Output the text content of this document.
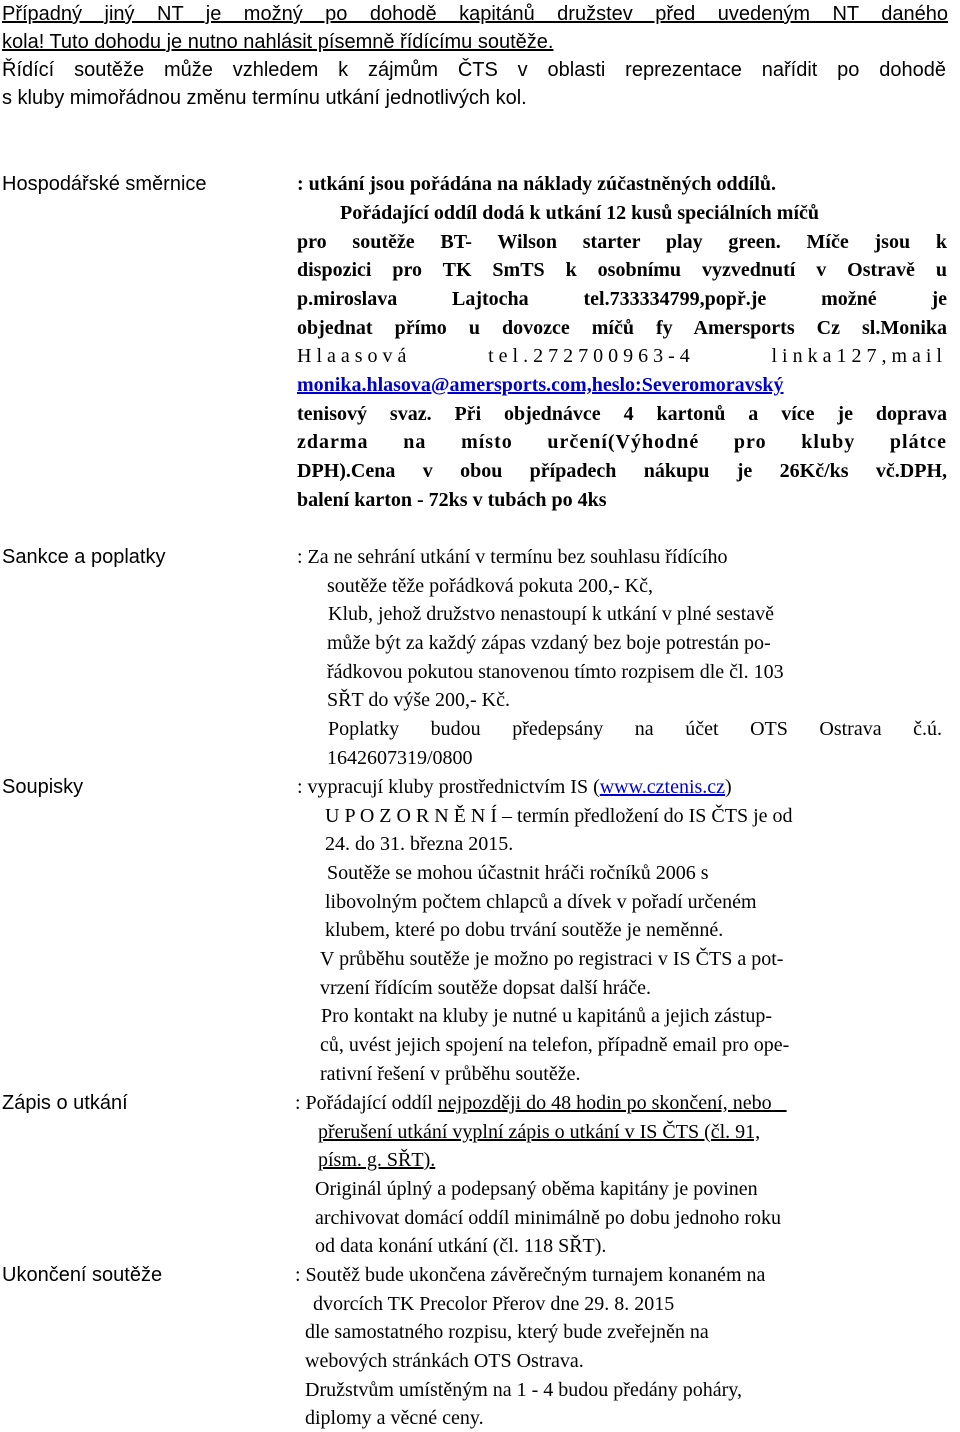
Případný jiný NT je možný po dohodě kapitánů družstev před uvedeným NT daného
kola! Tuto dohodu je nutno nahlásit písemně řídícímu soutěže.
Řídící soutěže může vzhledem k zájmům ČTS v oblasti reprezentace nařídit po dohodě
s kluby mimořádnou změnu termínu utkání jednotlivých kol.
Hospodářské směrnice	: utkání jsou pořádána na náklady zúčastněných oddílů.
Pořádající oddíl dodá k utkání 12 kusů speciálních míčů
pro soutěže BT- Wilson starter play green. Míče jsou k
dispozici pro TK SmTS k osobnímu vyzvednutí v Ostravě u
p.miroslava Lajtocha tel.733334799,popř.je možné je
objednat přímo u dovozce míčů fy Amersports Cz sl.Monika
Hlaasová tel.272700963-4 linka127,mail
monika.hlasova@amersports.com,heslo:Severomoravský
tenisový svaz. Při objednávce 4 kartonů a více je doprava
zdarma na místo určení(Výhodné pro kluby plátce
DPH).Cena v obou případech nákupu je 26Kč/ks vč.DPH,
balení karton - 72ks v tubách po 4ks
Sankce a poplatky	: Za ne sehrání utkání v termínu bez souhlasu řídícího
soutěže těže pořádková pokuta 200,- Kč,
Klub, jehož družstvo nenastoupí k utkání v plné sestavě
může být za každý zápas vzdaný bez boje potrestán po-
řádkovou pokutou stanovenou tímto rozpisem dle čl. 103
SŘT do výše 200,- Kč.
Poplatky budou předepsány na účet OTS Ostrava č.ú.
1642607319/0800
Soupisky	: vypracují kluby prostřednictvím IS (www.cztenis.cz)
U P O Z O R N Ě N Í – termín předložení do IS ČTS je od
24. do 31. března 2015.
Soutěže se mohou účastnit hráči ročníků 2006 s
libovolným počtem chlapců a dívek v pořadí určeném
klubem, které po dobu trvání soutěže je neměnné.
V průběhu soutěže je možno po registraci v IS ČTS a pot-
vrzení řídícím soutěže dopsat další hráče.
Pro kontakt na kluby je nutné u kapitánů a jejich zástup-
ců, uvést jejich spojení na telefon, případně email pro ope-
rativní řešení v průběhu soutěže.
Zápis o utkání	: Pořádající oddíl nejpozději do 48 hodin po skončení, nebo
přerušení utkání vyplní zápis o utkání v IS ČTS (čl. 91,
písm. g. SŘT).
Originál úplný a podepsaný oběma kapitány je povinen
archivovat domácí oddíl minimálně po dobu jednoho roku
od data konání utkání (čl. 118 SŘT).
Ukončení soutěže	: Soutěž bude ukončena závěrečným turnajem konaném na
dvorcích TK Precolor Přerov dne 29. 8. 2015
dle samostatného rozpisu, který bude zveřejněn na
webových stránkách OTS Ostrava.
Družstvům umístěným na 1 - 4 budou předány poháry,
diplomy a věcné ceny.
